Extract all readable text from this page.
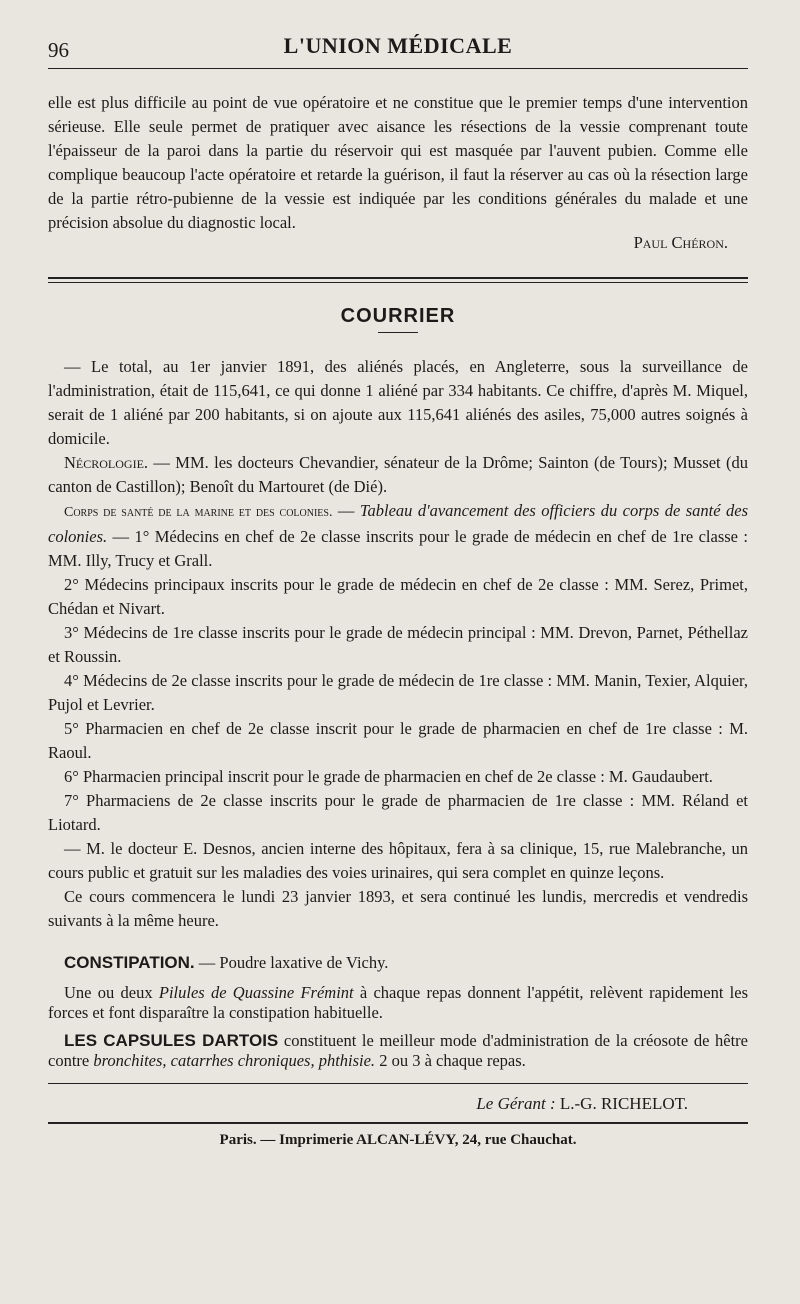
96	L'UNION MÉDICALE

elle est plus difficile au point de vue opératoire et ne constitue que le premier temps d'une intervention sérieuse. Elle seule permet de pratiquer avec aisance les résections de la vessie comprenant toute l'épaisseur de la paroi dans la partie du réservoir qui est masquée par l'auvent pubien. Comme elle complique beaucoup l'acte opératoire et retarde la guérison, il faut la réserver au cas où la résection large de la partie rétro-pubienne de la vessie est indiquée par les conditions générales du malade et une précision absolue du diagnostic local.

Paul Chéron.
COURRIER

— Le total, au 1er janvier 1891, des aliénés placés, en Angleterre, sous la surveillance de l'administration, était de 115,641, ce qui donne 1 aliéné par 334 habitants. Ce chiffre, d'après M. Miquel, serait de 1 aliéné par 200 habitants, si on ajoute aux 115,641 aliénés des asiles, 75,000 autres soignés à domicile.

Nécrologie. — MM. les docteurs Chevandier, sénateur de la Drôme; Sainton (de Tours); Musset (du canton de Castillon); Benoît du Martouret (de Dié).

Corps de santé de la marine et des colonies. — Tableau d'avancement des officiers du corps de santé des colonies. — 1° Médecins en chef de 2e classe inscrits pour le grade de médecin en chef de 1re classe : MM. Illy, Trucy et Grall.

2° Médecins principaux inscrits pour le grade de médecin en chef de 2e classe : MM. Serez, Primet, Chédan et Nivart.

3° Médecins de 1re classe inscrits pour le grade de médecin principal : MM. Drevon, Parnet, Péthellaz et Roussin.

4° Médecins de 2e classe inscrits pour le grade de médecin de 1re classe : MM. Manin, Texier, Alquier, Pujol et Levrier.

5° Pharmacien en chef de 2e classe inscrit pour le grade de pharmacien en chef de 1re classe : M. Raoul.

6° Pharmacien principal inscrit pour le grade de pharmacien en chef de 2e classe : M. Gaudaubert.

7° Pharmaciens de 2e classe inscrits pour le grade de pharmacien de 1re classe : MM. Réland et Liotard.

— M. le docteur E. Desnos, ancien interne des hôpitaux, fera à sa clinique, 15, rue Malebranche, un cours public et gratuit sur les maladies des voies urinaires, qui sera complet en quinze leçons.

Ce cours commencera le lundi 23 janvier 1893, et sera continué les lundis, mercredis et vendredis suivants à la même heure.

CONSTIPATION. — Poudre laxative de Vichy.

Une ou deux Pilules de Quassine Frémint à chaque repas donnent l'appétit, relèvent rapidement les forces et font disparaître la constipation habituelle.

LES CAPSULES DARTOIS constituent le meilleur mode d'administration de la créosote de hêtre contre bronchites, catarrhes chroniques, phthisie. 2 ou 3 à chaque repas.

Le Gérant : L.-G. RICHELOT.
Paris. — Imprimerie ALCAN-LÉVY, 24, rue Chauchat.
